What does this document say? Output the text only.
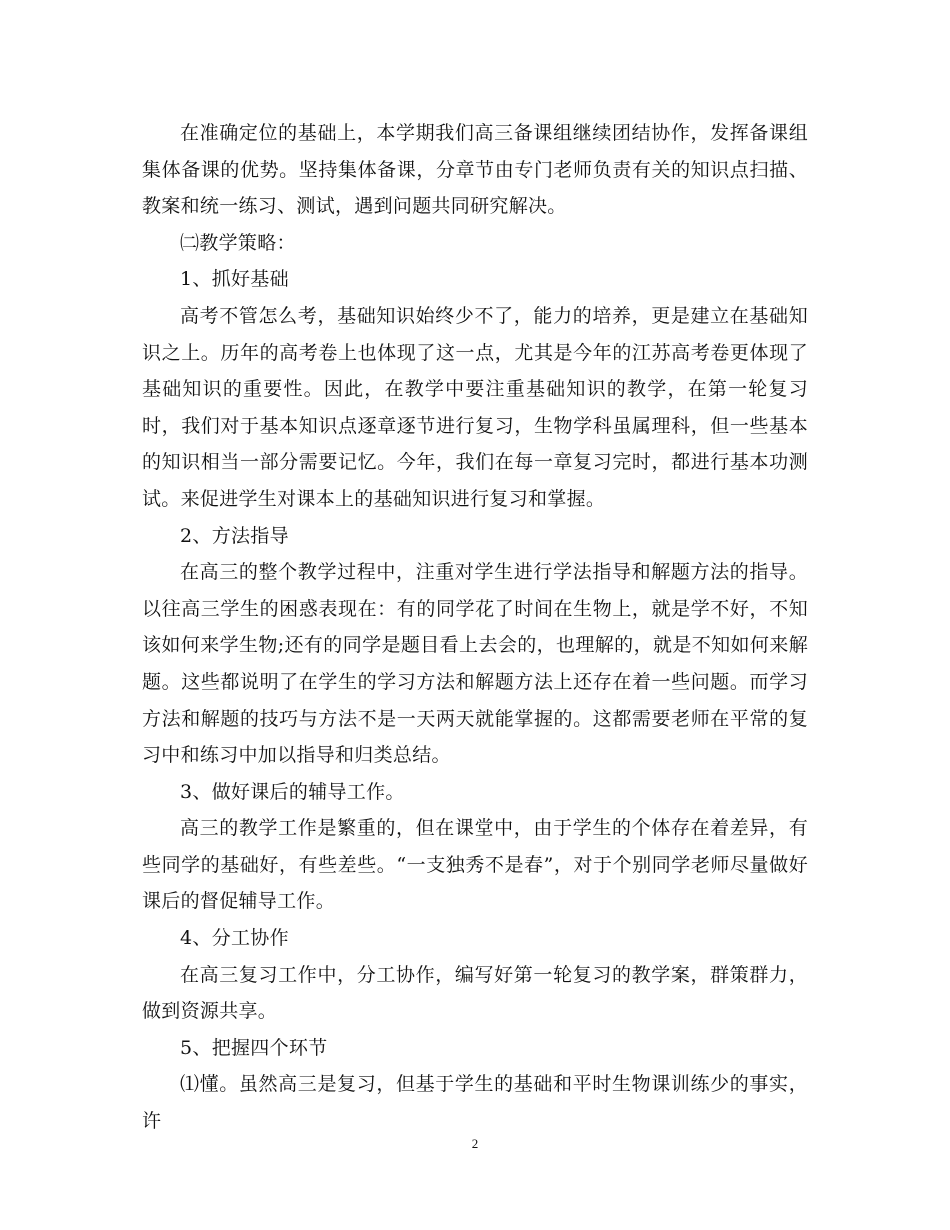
在准确定位的基础上，本学期我们高三备课组继续团结协作，发挥备课组集体备课的优势。坚持集体备课，分章节由专门老师负责有关的知识点扫描、教案和统一练习、测试，遇到问题共同研究解决。

㈡教学策略：

1、抓好基础

高考不管怎么考，基础知识始终少不了，能力的培养，更是建立在基础知识之上。历年的高考卷上也体现了这一点，尤其是今年的江苏高考卷更体现了基础知识的重要性。因此，在教学中要注重基础知识的教学，在第一轮复习时，我们对于基本知识点逐章逐节进行复习，生物学科虽属理科，但一些基本的知识相当一部分需要记忆。今年，我们在每一章复习完时，都进行基本功测试。来促进学生对课本上的基础知识进行复习和掌握。

2、方法指导

在高三的整个教学过程中，注重对学生进行学法指导和解题方法的指导。以往高三学生的困惑表现在：有的同学花了时间在生物上，就是学不好，不知该如何来学生物;还有的同学是题目看上去会的，也理解的，就是不知如何来解题。这些都说明了在学生的学习方法和解题方法上还存在着一些问题。而学习方法和解题的技巧与方法不是一天两天就能掌握的。这都需要老师在平常的复习中和练习中加以指导和归类总结。

3、做好课后的辅导工作。

高三的教学工作是繁重的，但在课堂中，由于学生的个体存在着差异，有些同学的基础好，有些差些。“一支独秀不是春”，对于个别同学老师尽量做好课后的督促辅导工作。

4、分工协作

在高三复习工作中，分工协作，编写好第一轮复习的教学案，群策群力，做到资源共享。

5、把握四个环节

⑴懂。虽然高三是复习，但基于学生的基础和平时生物课训练少的事实，许

2
